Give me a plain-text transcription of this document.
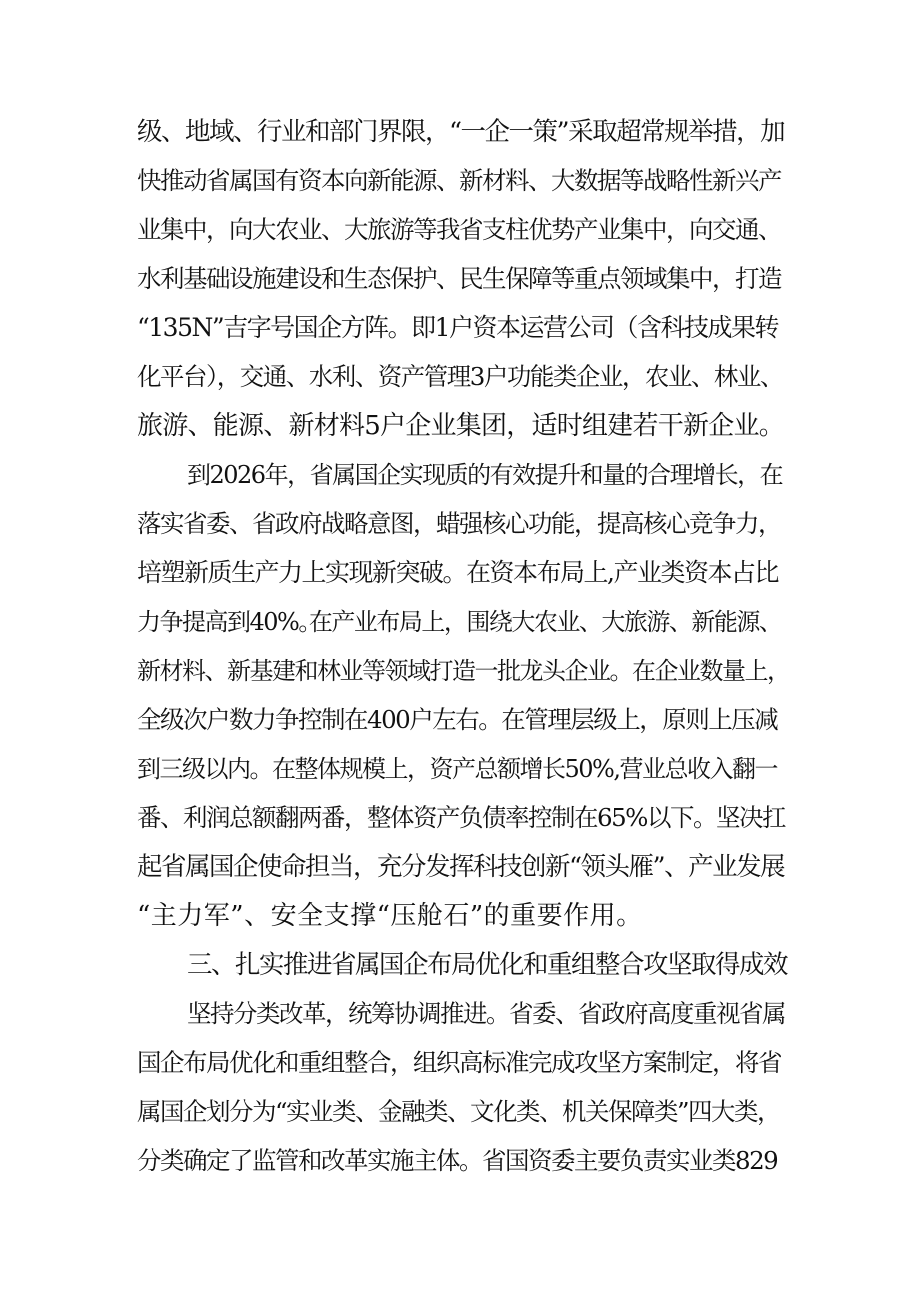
级、地域、行业和部门界限，“一企一策”采取超常规举措，加
快推动省属国有资本向新能源、新材料、大数据等战略性新兴产
业集中，向大农业、大旅游等我省支柱优势产业集中，向交通、
水利基础设施建设和生态保护、民生保障等重点领域集中，打造
“135N”吉字号国企方阵。即1户资本运营公司（含科技成果转
化平台），交通、水利、资产管理3户功能类企业，农业、林业、
旅游、能源、新材料5户企业集团，适时组建若干新企业。
到2026年，省属国企实现质的有效提升和量的合理增长，在
落实省委、省政府战略意图，蜡强核心功能，提高核心竞争力，
培塑新质生产力上实现新突破。在资本布局上,产业类资本占比
力争提高到40%｡在产业布局上，围绕大农业、大旅游、新能源、
新材料、新基建和林业等领域打造一批龙头企业。在企业数量上，
全级次户数力争控制在400户左右。在管理层级上，原则上压减
到三级以内。在整体规模上，资产总额增长50%,营业总收入翻一
番、利润总额翻两番，整体资产负债率控制在65%以下。坚决扛
起省属国企使命担当，充分发挥科技创新“领头雁”、产业发展
“主力军”、安全支撑“压舱石”的重要作用。
三、扎实推进省属国企布局优化和重组整合攻坚取得成效
坚持分类改革，统筹协调推进。省委、省政府高度重视省属
国企布局优化和重组整合，组织高标准完成攻坚方案制定，将省
属国企划分为“实业类、金融类、文化类、机关保障类”四大类，
分类确定了监管和改革实施主体。省国资委主要负责实业类829
